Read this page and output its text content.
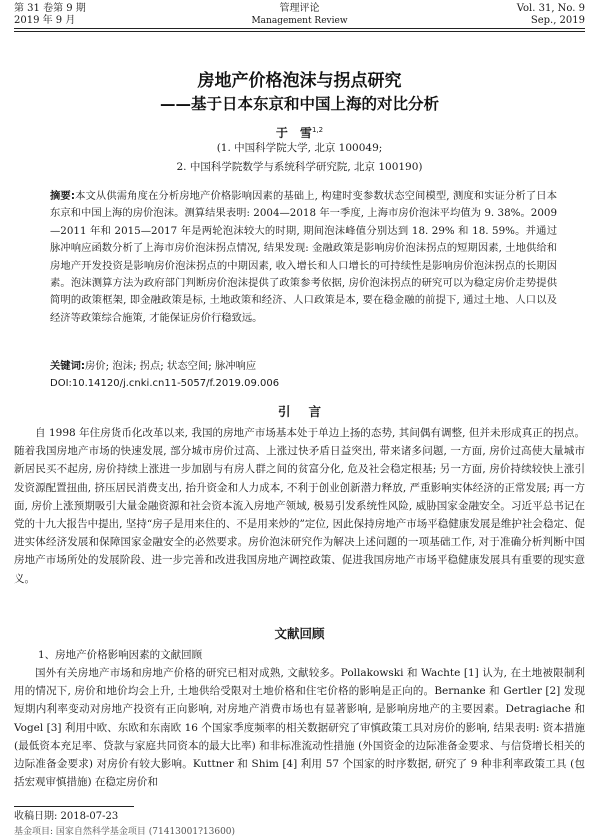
第 31 卷第 9 期
2019 年 9 月
管理评论
Management Review
Vol. 31, No. 9
Sep., 2019
房地产价格泡沫与拐点研究
——基于日本东京和中国上海的对比分析
于　雪$^{1,2}$
(1. 中国科学院大学, 北京 100049;
2. 中国科学院数学与系统科学研究院, 北京 100190)

摘要:本文从供需角度在分析房地产价格影响因素的基础上, 构建时变参数状态空间模型, 测度和实证分析了日本东京和中国上海的房价泡沫。测算结果表明: 2004—2018 年一季度, 上海市房价泡沫平均值为 9. 38%。2009—2011 年和 2015—2017 年是两轮泡沫较大的时期, 期间泡沫峰值分别达到 18. 29% 和 18. 59%。并通过脉冲响应函数分析了上海市房价泡沫拐点情况, 结果发现: 金融政策是影响房价泡沫拐点的短期因素, 土地供给和房地产开发投资是影响房价泡沫拐点的中期因素, 收入增长和人口增长的可持续性是影响房价泡沫拐点的长期因素。泡沫测算方法为政府部门判断房价泡沫提供了政策参考依据, 房价泡沫拐点的研究可以为稳定房价走势提供简明的政策框架, 即金融政策是标, 土地政策和经济、人口政策是本, 要在稳金融的前提下, 通过土地、人口以及经济等政策综合施策, 才能保证房价行稳致远。

关键词:房价; 泡沫; 拐点; 状态空间; 脉冲响应
DOI:10.14120/j.cnki.cn11-5057/f.2019.09.006
引言

自 1998 年住房货币化改革以来, 我国的房地产市场基本处于单边上扬的态势, 其间偶有调整, 但并未形成真正的拐点。随着我国房地产市场的快速发展, 部分城市房价过高、上涨过快矛盾日益突出, 带来诸多问题, 一方面, 房价过高使大量城市新居民买不起房, 房价持续上涨进一步加剧与有房人群之间的贫富分化, 危及社会稳定根基; 另一方面, 房价持续较快上涨引发资源配置扭曲, 挤压居民消费支出, 抬升资金和人力成本, 不利于创业创新潜力释放, 严重影响实体经济的正常发展; 再一方面, 房价上涨预期吸引大量金融资源和社会资本流入房地产领域, 极易引发系统性风险, 威胁国家金融安全。习近平总书记在党的十九大报告中提出, 坚持“房子是用来住的、不是用来炒的”定位, 因此保持房地产市场平稳健康发展是维护社会稳定、促进实体经济发展和保障国家金融安全的必然要求。房价泡沫研究作为解决上述问题的一项基础工作, 对于准确分析判断中国房地产市场所处的发展阶段、进一步完善和改进我国房地产调控政策、促进我国房地产市场平稳健康发展具有重要的现实意义。

文献回顾
1、房地产价格影响因素的文献回顾

国外有关房地产市场和房地产价格的研究已相对成熟, 文献较多。Pollakowski 和 Wachte [1] 认为, 在土地被限制利用的情况下, 房价和地价均会上升, 土地供给受限对土地价格和住宅价格的影响是正向的。Bernanke 和 Gertler [2] 发现短期内利率变动对房地产投资有正向影响, 对房地产消费市场也有显著影响, 是影响房地产的主要因素。Detragiache 和 Vogel [3] 利用中欧、东欧和东南欧 16 个国家季度频率的相关数据研究了审慎政策工具对房价的影响, 结果表明: 资本措施 (最低资本充足率、贷款与家庭共同资本的最大比率) 和非标准流动性措施 (外国资金的边际准备金要求、与信贷增长相关的边际准备金要求) 对房价有较大影响。Kuttner 和 Shim [4] 利用 57 个国家的时序数据, 研究了 9 种非利率政策工具 (包括宏观审慎措施) 在稳定房价和

收稿日期: 2018-07-23
基金项目: 国家自然科学基金项目 (71413001?13600)
